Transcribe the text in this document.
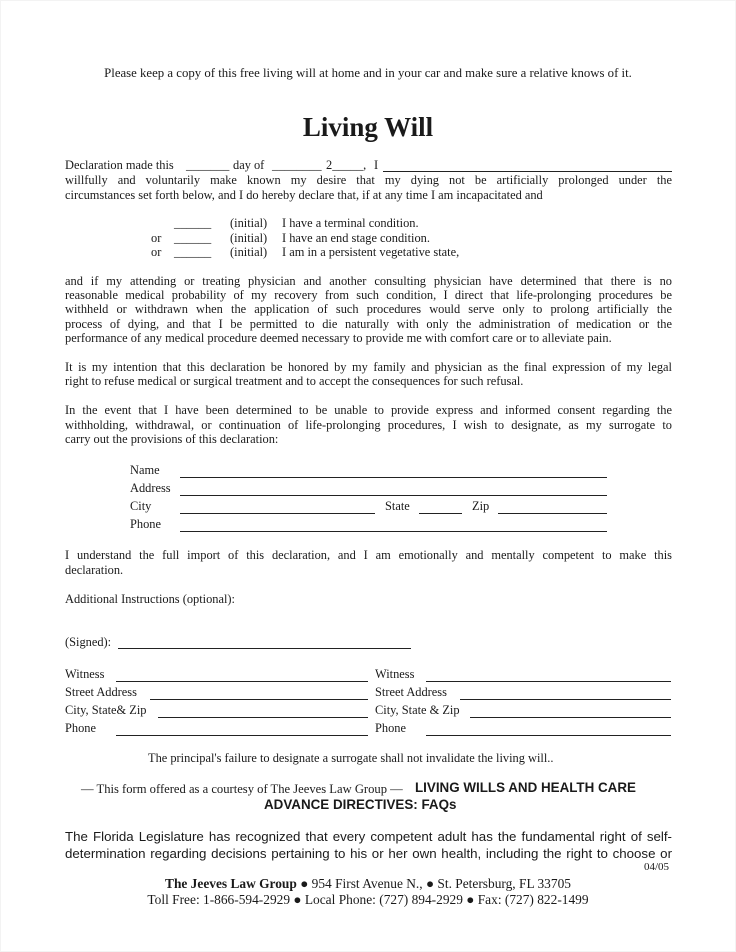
Please keep a copy of this free living will at home and in your car and make sure a relative knows of it.
Living Will
Declaration made this _______ day of ________ 2_____, I
willfully and voluntarily make known my desire that my dying not be artificially prolonged under the
circumstances set forth below, and I do hereby declare that, if at any time I am incapacitated and
______ (initial) I have a terminal condition.
or ______ (initial) I have an end stage condition.
or ______ (initial) I am in a persistent vegetative state,
and if my attending or treating physician and another consulting physician have determined that there is no
reasonable medical probability of my recovery from such condition, I direct that life-prolonging procedures be
withheld or withdrawn when the application of such procedures would serve only to prolong artificially the
process of dying, and that I be permitted to die naturally with only the administration of medication or the
performance of any medical procedure deemed necessary to provide me with comfort care or to alleviate pain.
It is my intention that this declaration be honored by my family and physician as the final expression of my legal
right to refuse medical or surgical treatment and to accept the consequences for such refusal.
In the event that I have been determined to be unable to provide express and informed consent regarding the
withholding, withdrawal, or continuation of life-prolonging procedures, I wish to designate, as my surrogate to
carry out the provisions of this declaration:
Name
Address
City	State	Zip
Phone
I understand the full import of this declaration, and I am emotionally and mentally competent to make this
declaration.
Additional Instructions (optional):
(Signed):
Witness
Street Address
City, State& Zip
Phone
Witness
Street Address
City, State & Zip
Phone
The principal's failure to designate a surrogate shall not invalidate the living will..
— This form offered as a courtesy of The Jeeves Law Group — LIVING WILLS AND HEALTH CARE
ADVANCE DIRECTIVES: FAQs
The Florida Legislature has recognized that every competent adult has the fundamental right of self-
determination regarding decisions pertaining to his or her own health, including the right to choose or
04/05
The Jeeves Law Group ● 954 First Avenue N., ● St. Petersburg, FL 33705
Toll Free: 1-866-594-2929 ● Local Phone: (727) 894-2929 ● Fax: (727) 822-1499
